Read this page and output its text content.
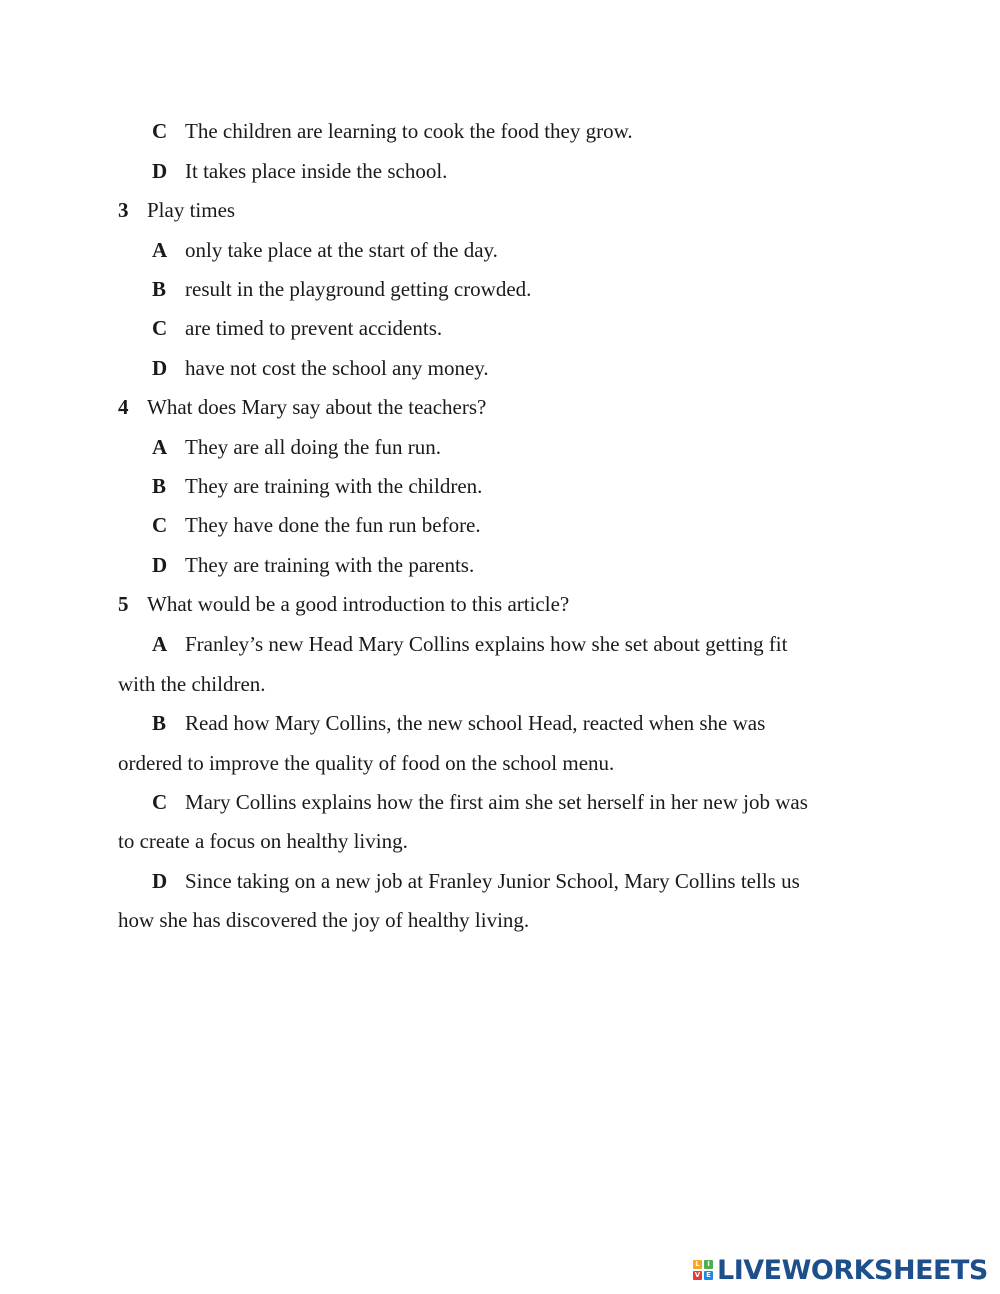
C The children are learning to cook the food they grow.
D It takes place inside the school.
3 Play times
A only take place at the start of the day.
B result in the playground getting crowded.
C are timed to prevent accidents.
D have not cost the school any money.
4 What does Mary say about the teachers?
A They are all doing the fun run.
B They are training with the children.
C They have done the fun run before.
D They are training with the parents.
5 What would be a good introduction to this article?
A Franley’s new Head Mary Collins explains how she set about getting fit
with the children.
B Read how Mary Collins, the new school Head, reacted when she was
ordered to improve the quality of food on the school menu.
C Mary Collins explains how the first aim she set herself in her new job was
to create a focus on healthy living.
D Since taking on a new job at Franley Junior School, Mary Collins tells us
how she has discovered the joy of healthy living.
L	I
V E LIVEWORKSHEETS
